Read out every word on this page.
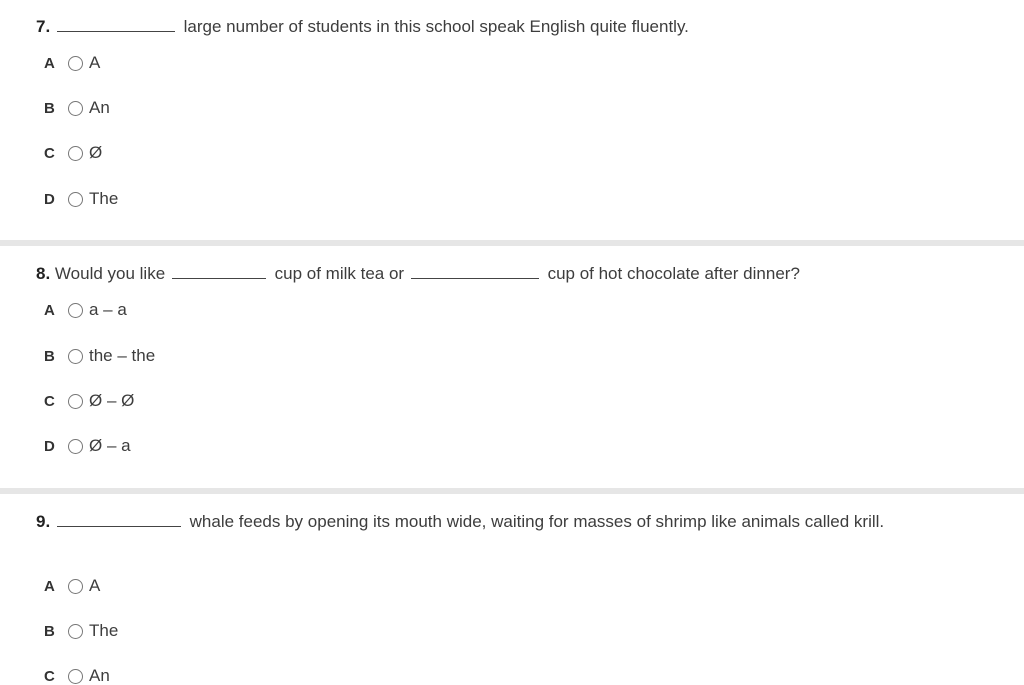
7.	large number of students in this school speak English quite fluently.
A A
B An
C Ø
D The
8. Would you like	cup of milk tea or	cup of hot chocolate after dinner?
A a – a
B the – the
C Ø – Ø
D Ø – a
9.	whale feeds by opening its mouth wide, waiting for masses of shrimp like animals called krill.
A A
B The
C An
